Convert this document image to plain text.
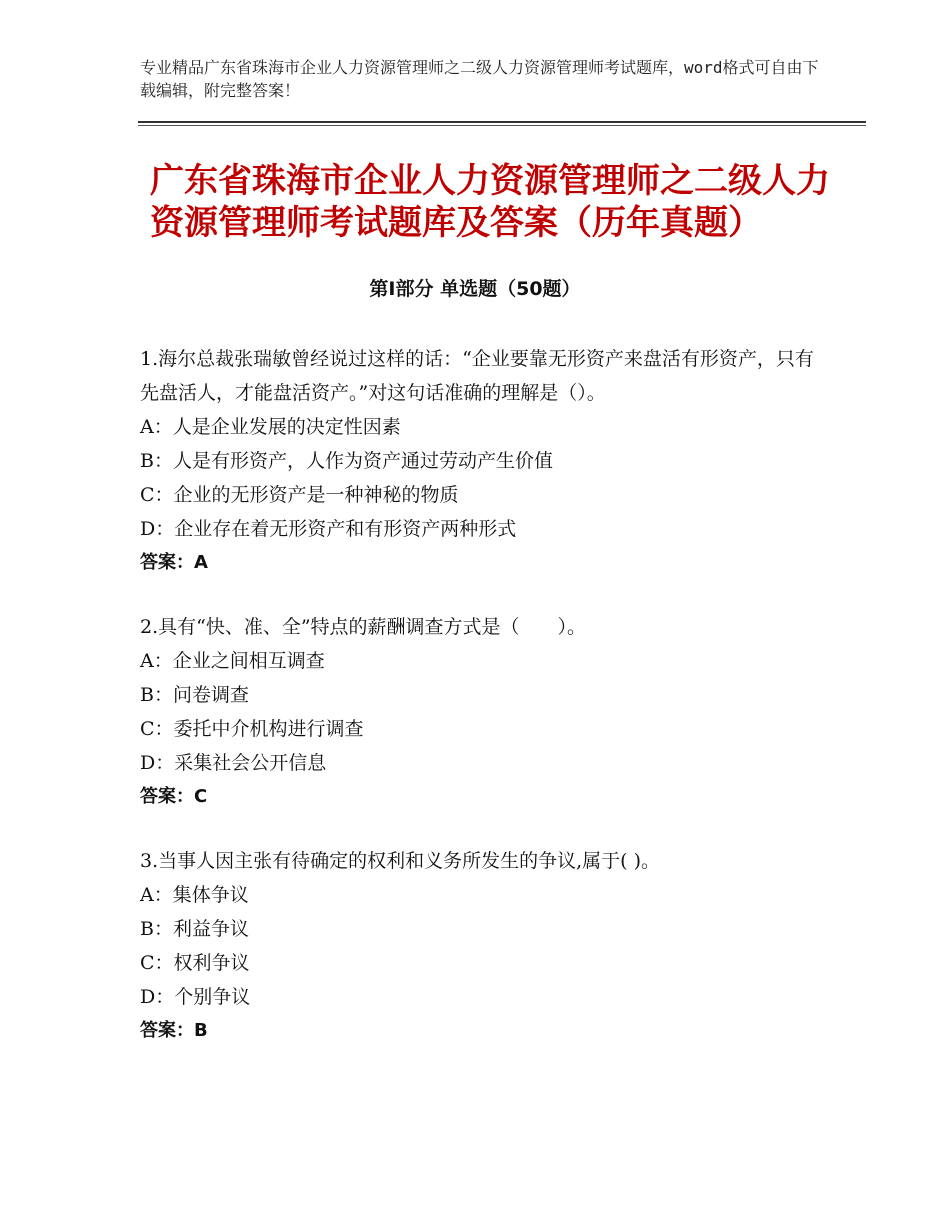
专业精品广东省珠海市企业人力资源管理师之二级人力资源管理师考试题库，word格式可自由下载编辑，附完整答案！
广东省珠海市企业人力资源管理师之二级人力资源管理师考试题库及答案（历年真题）
第Ⅰ部分 单选题（50题）

1.海尔总裁张瑞敏曾经说过这样的话：“企业要靠无形资产来盘活有形资产，只有先盘活人，才能盘活资产。”对这句话准确的理解是（）。

A：人是企业发展的决定性因素

B：人是有形资产，人作为资产通过劳动产生价值

C：企业的无形资产是一种神秘的物质

D：企业存在着无形资产和有形资产两种形式

答案：A

2.具有“快、准、全”特点的薪酬调查方式是（　　）。

A：企业之间相互调查

B：问卷调查

C：委托中介机构进行调查

D：采集社会公开信息

答案：C

3.当事人因主张有待确定的权利和义务所发生的争议,属于( )。

A：集体争议

B：利益争议

C：权利争议

D：个别争议

答案：B
